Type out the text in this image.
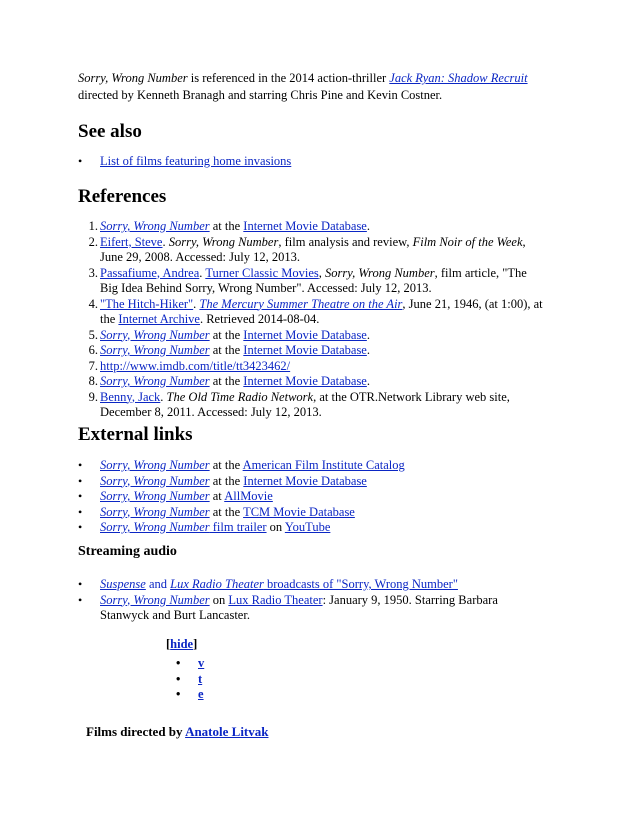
Sorry, Wrong Number is referenced in the 2014 action-thriller Jack Ryan: Shadow Recruit
directed by Kenneth Branagh and starring Chris Pine and Kevin Costner.
See also
• List of films featuring home invasions
References
1. Sorry, Wrong Number at the Internet Movie Database.
2. Eifert, Steve. Sorry, Wrong Number, film analysis and review, Film Noir of the Week,
June 29, 2008. Accessed: July 12, 2013.
3. Passafiume, Andrea. Turner Classic Movies, Sorry, Wrong Number, film article, "The
Big Idea Behind Sorry, Wrong Number". Accessed: July 12, 2013.
4. "The Hitch-Hiker". The Mercury Summer Theatre on the Air, June 21, 1946, (at 1:00), at
the Internet Archive. Retrieved 2014-08-04.
5. Sorry, Wrong Number at the Internet Movie Database.
6. Sorry, Wrong Number at the Internet Movie Database.
7. http://www.imdb.com/title/tt3423462/
8. Sorry, Wrong Number at the Internet Movie Database.
9. Benny, Jack. The Old Time Radio Network, at the OTR.Network Library web site,
December 8, 2011. Accessed: July 12, 2013.
External links
• Sorry, Wrong Number at the American Film Institute Catalog
• Sorry, Wrong Number at the Internet Movie Database
• Sorry, Wrong Number at AllMovie
• Sorry, Wrong Number at the TCM Movie Database
• Sorry, Wrong Number film trailer on YouTube
Streaming audio
• Suspense and Lux Radio Theater broadcasts of "Sorry, Wrong Number"
• Sorry, Wrong Number on Lux Radio Theater: January 9, 1950. Starring Barbara
Stanwyck and Burt Lancaster.
[hide]
• v
• t
• e
Films directed by Anatole Litvak
